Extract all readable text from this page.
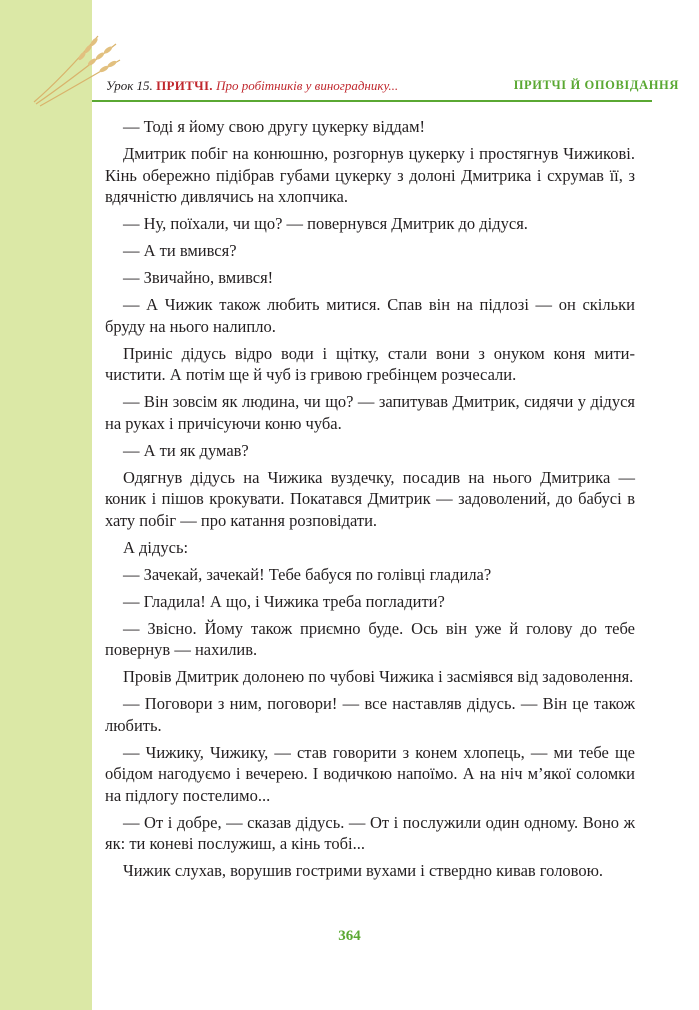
Урок 15. ПРИТЧІ. Про робітників у винограднику...	ПРИТЧІ Й ОПОВІДАННЯ

— Тоді я йому свою другу цукерку віддам!

Дмитрик побіг на конюшню, розгорнув цукерку і простягнув Чижикові. Кінь обережно підібрав губами цукерку з долоні Дмитрика і схрумав її, з вдячністю дивлячись на хлопчика.

— Ну, поїхали, чи що? — повернувся Дмитрик до дідуся.

— А ти вмився?

— Звичайно, вмився!

— А Чижик також любить митися. Спав він на підлозі — он скільки бруду на нього налипло.

Приніс дідусь відро води і щітку, стали вони з онуком коня мити-чистити. А потім ще й чуб із гривою гребінцем розчесали.

— Він зовсім як людина, чи що? — запитував Дмитрик, сидячи у дідуся на руках і причісуючи коню чуба.

— А ти як думав?

Одягнув дідусь на Чижика вуздечку, посадив на нього Дмитрика — коник і пішов крокувати. Покатався Дмитрик — задоволений, до бабусі в хату побіг — про катання розповідати.

А дідусь:

— Зачекай, зачекай! Тебе бабуся по голівці гладила?

— Гладила! А що, і Чижика треба погладити?

— Звісно. Йому також приємно буде. Ось він уже й голову до тебе повернув — нахилив.

Провів Дмитрик долонею по чубові Чижика і засміявся від задоволення.

— Поговори з ним, поговори! — все наставляв дідусь. — Він це також любить.

— Чижику, Чижику, — став говорити з конем хлопець, — ми тебе ще обідом нагодуємо і вечерею. І водичкою напоїмо. А на ніч м’якої соломки на підлогу постелимо...

— От і добре, — сказав дідусь. — От і послужили один одному. Воно ж як: ти коневі послужиш, а кінь тобі...

Чижик слухав, ворушив гострими вухами і ствердно кивав головою.

364
